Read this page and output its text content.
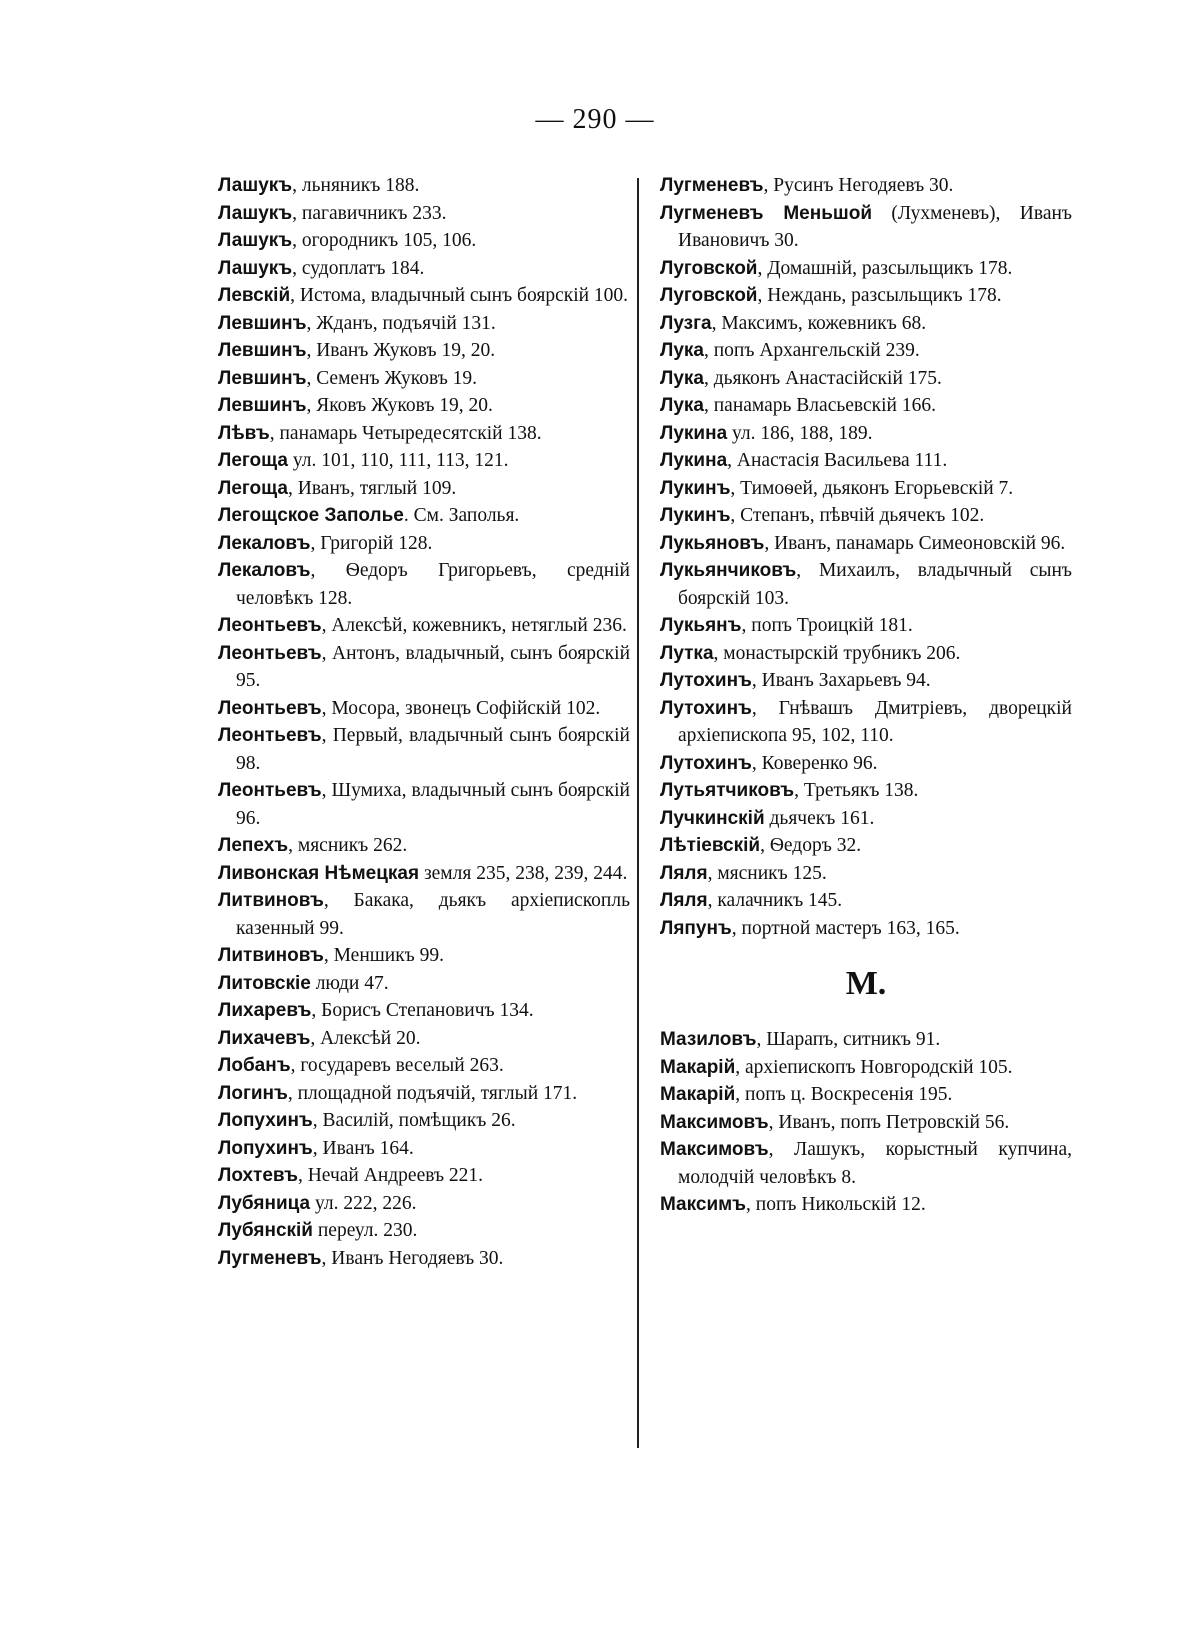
— 290 —
Лашукъ, льняникъ 188.
Лашукъ, пагавичникъ 233.
Лашукъ, огородникъ 105, 106.
Лашукъ, судоплатъ 184.
Левскій, Истома, владычный сынъ боярскій 100.
Левшинъ, Жданъ, подъячій 131.
Левшинъ, Иванъ Жуковъ 19, 20.
Левшинъ, Семенъ Жуковъ 19.
Левшинъ, Яковъ Жуковъ 19, 20.
Лѣвъ, панамарь Четыредесятскій 138.
Легоща ул. 101, 110, 111, 113, 121.
Легоща, Иванъ, тяглый 109.
Легощское Заполье. См. Заполья.
Лекаловъ, Григорій 128.
Лекаловъ, Ѳедоръ Григорьевъ, средній человѣкъ 128.
Леонтьевъ, Алексѣй, кожевникъ, нетяглый 236.
Леонтьевъ, Антонъ, владычный, сынъ боярскій 95.
Леонтьевъ, Мосора, звонецъ Софійскій 102.
Леонтьевъ, Первый, владычный сынъ боярскій 98.
Леонтьевъ, Шумиха, владычный сынъ боярскій 96.
Лепехъ, мясникъ 262.
Ливонская Нѣмецкая земля 235, 238, 239, 244.
Литвиновъ, Бакака, дьякъ архіепископль казенный 99.
Литвиновъ, Меншикъ 99.
Литовскіе люди 47.
Лихаревъ, Борисъ Степановичъ 134.
Лихачевъ, Алексѣй 20.
Лобанъ, государевъ веселый 263.
Логинъ, площадной подъячій, тяглый 171.
Лопухинъ, Василій, помѣщикъ 26.
Лопухинъ, Иванъ 164.
Лохтевъ, Нечай Андреевъ 221.
Лубяница ул. 222, 226.
Лубянскій переул. 230.
Лугменевъ, Иванъ Негодяевъ 30.
Лугменевъ, Русинъ Негодяевъ 30.
Лугменевъ Меньшой (Лухменевъ), Иванъ Ивановичъ 30.
Луговской, Домашній, разсыльщикъ 178.
Луговской, Неждань, разсыльщикъ 178.
Лузга, Максимъ, кожевникъ 68.
Лука, попъ Архангельскій 239.
Лука, дьяконъ Анастасійскій 175.
Лука, панамарь Власьевскій 166.
Лукина ул. 186, 188, 189.
Лукина, Анастасія Васильева 111.
Лукинъ, Тимоѳей, дьяконъ Егорьевскій 7.
Лукинъ, Степанъ, пѣвчій дьячекъ 102.
Лукьяновъ, Иванъ, панамарь Симеоновскій 96.
Лукьянчиковъ, Михаилъ, владычный сынъ боярскій 103.
Лукьянъ, попъ Троицкій 181.
Лутка, монастырскій трубникъ 206.
Лутохинъ, Иванъ Захарьевъ 94.
Лутохинъ, Гнѣвашъ Дмитріевъ, дворецкій архіепископа 95, 102, 110.
Лутохинъ, Коверенко 96.
Лутьятчиковъ, Третьякъ 138.
Лучкинскій дьячекъ 161.
Лѣтіевскій, Ѳедоръ 32.
Ляля, мясникъ 125.
Ляля, калачникъ 145.
Ляпунъ, портной мастеръ 163, 165.
М.
Мазиловъ, Шарапъ, ситникъ 91.
Макарій, архіепископъ Новгородскій 105.
Макарій, попъ ц. Воскресенія 195.
Максимовъ, Иванъ, попъ Петровскій 56.
Максимовъ, Лашукъ, корыстный купчина, молодчій человѣкъ 8.
Максимъ, попъ Никольскій 12.
